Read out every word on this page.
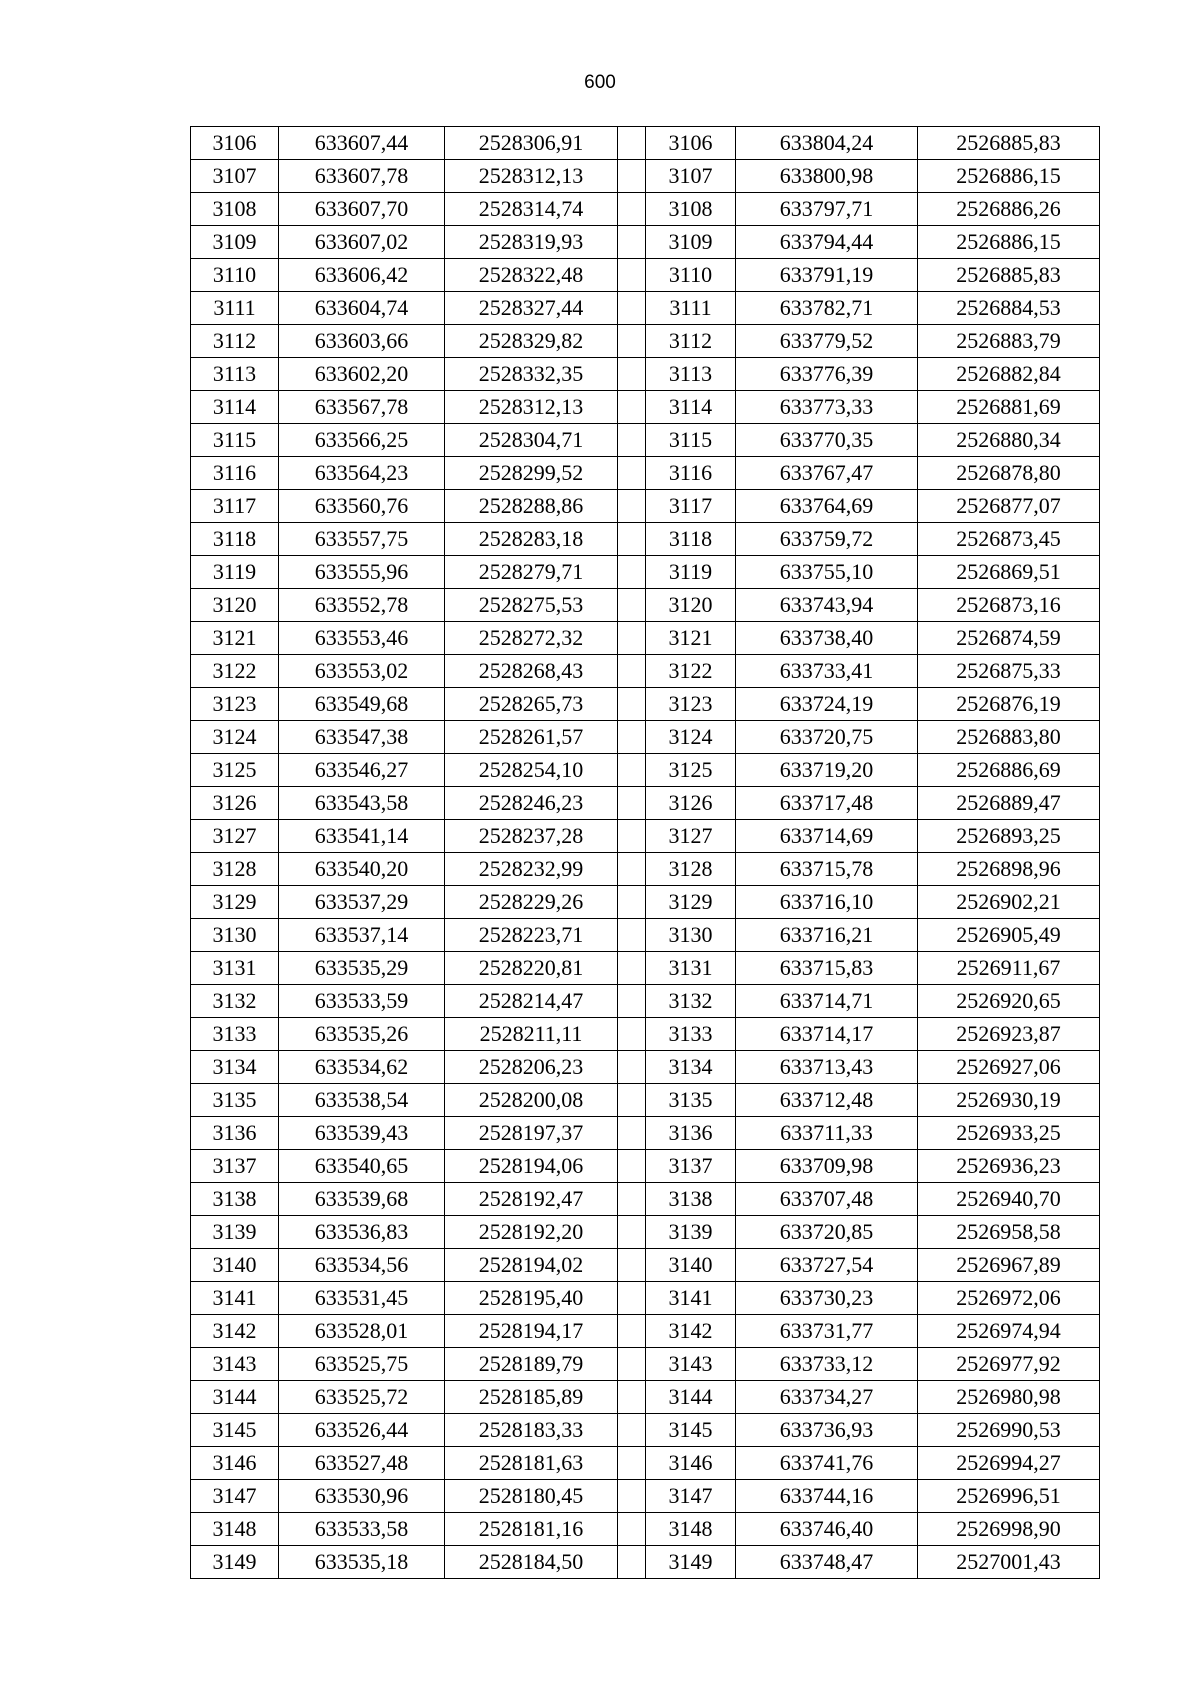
600
3106	633607,44	2528306,91		3106	633804,24	2526885,83
3107	633607,78	2528312,13		3107	633800,98	2526886,15
3108	633607,70	2528314,74		3108	633797,71	2526886,26
3109	633607,02	2528319,93		3109	633794,44	2526886,15
3110	633606,42	2528322,48		3110	633791,19	2526885,83
3111	633604,74	2528327,44		3111	633782,71	2526884,53
3112	633603,66	2528329,82		3112	633779,52	2526883,79
3113	633602,20	2528332,35		3113	633776,39	2526882,84
3114	633567,78	2528312,13		3114	633773,33	2526881,69
3115	633566,25	2528304,71		3115	633770,35	2526880,34
3116	633564,23	2528299,52		3116	633767,47	2526878,80
3117	633560,76	2528288,86		3117	633764,69	2526877,07
3118	633557,75	2528283,18		3118	633759,72	2526873,45
3119	633555,96	2528279,71		3119	633755,10	2526869,51
3120	633552,78	2528275,53		3120	633743,94	2526873,16
3121	633553,46	2528272,32		3121	633738,40	2526874,59
3122	633553,02	2528268,43		3122	633733,41	2526875,33
3123	633549,68	2528265,73		3123	633724,19	2526876,19
3124	633547,38	2528261,57		3124	633720,75	2526883,80
3125	633546,27	2528254,10		3125	633719,20	2526886,69
3126	633543,58	2528246,23		3126	633717,48	2526889,47
3127	633541,14	2528237,28		3127	633714,69	2526893,25
3128	633540,20	2528232,99		3128	633715,78	2526898,96
3129	633537,29	2528229,26		3129	633716,10	2526902,21
3130	633537,14	2528223,71		3130	633716,21	2526905,49
3131	633535,29	2528220,81		3131	633715,83	2526911,67
3132	633533,59	2528214,47		3132	633714,71	2526920,65
3133	633535,26	2528211,11		3133	633714,17	2526923,87
3134	633534,62	2528206,23		3134	633713,43	2526927,06
3135	633538,54	2528200,08		3135	633712,48	2526930,19
3136	633539,43	2528197,37		3136	633711,33	2526933,25
3137	633540,65	2528194,06		3137	633709,98	2526936,23
3138	633539,68	2528192,47		3138	633707,48	2526940,70
3139	633536,83	2528192,20		3139	633720,85	2526958,58
3140	633534,56	2528194,02		3140	633727,54	2526967,89
3141	633531,45	2528195,40		3141	633730,23	2526972,06
3142	633528,01	2528194,17		3142	633731,77	2526974,94
3143	633525,75	2528189,79		3143	633733,12	2526977,92
3144	633525,72	2528185,89		3144	633734,27	2526980,98
3145	633526,44	2528183,33		3145	633736,93	2526990,53
3146	633527,48	2528181,63		3146	633741,76	2526994,27
3147	633530,96	2528180,45		3147	633744,16	2526996,51
3148	633533,58	2528181,16		3148	633746,40	2526998,90
3149	633535,18	2528184,50		3149	633748,47	2527001,43
